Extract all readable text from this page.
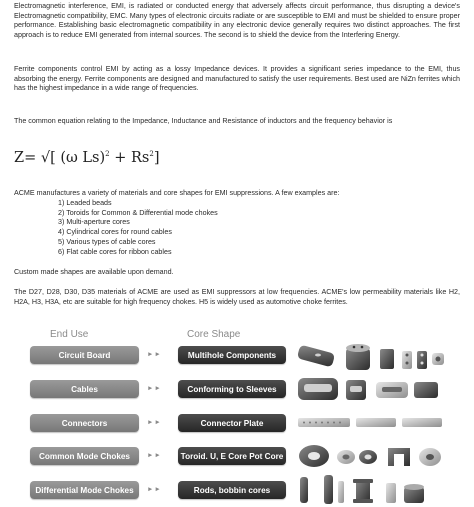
Electromagnetic interference, EMI, is radiated or conducted energy that adversely affects circuit performance, thus disrupting a device's Electromagnetic compatibility, EMC. Many types of electronic circuits radiate or are susceptible to EMI and must be shielded to ensure proper performance. Establishing basic electromagnetic compatibility in any electronic device generally requires two distinct approaches. The first approach is to reduce EMI generated from internal sources. The second is to shield the device from the Interfering Energy.

Ferrite components control EMI by acting as a lossy Impedance devices. It provides a significant series impedance to the EMI, thus absorbing the energy. Ferrite components are designed and manufactured to satisfy the user requirements. Best used are NiZn ferrites which has the highest impedance in a wide range of frequencies.

The common equation relating to the Impedance, Inductance and Resistance of inductors and the frequency behavior is

Z= √[ (ω $Ls)^2 + Rs^2$]

ACME manufactures a variety of materials and core shapes for EMI suppressions. A few examples are:

1) Leaded beads
2) Toroids for Common & Differential mode chokes
3) Multi-aperture cores
4) Cylindrical cores for round cables
5) Various types of cable cores
6) Flat cable cores for ribbon cables

Custom made shapes are available upon demand.

The D27, D28, D30, D35 materials of ACME are used as EMI suppressors at low frequencies. ACME's low permeability materials like H2, H2A, H3, H3A, etc are suitable for high frequency chokes. H5 is widely used as automotive choke ferrites.

End Use	Core Shape
Circuit Board	►►	Multihole Components
Cables	►►	Conforming to Sleeves
Connectors	►►	Connector Plate
Common Mode Chokes	►►	Toroid. U, E Core Pot Core
Differential Mode Chokes	►►	Rods, bobbin cores
